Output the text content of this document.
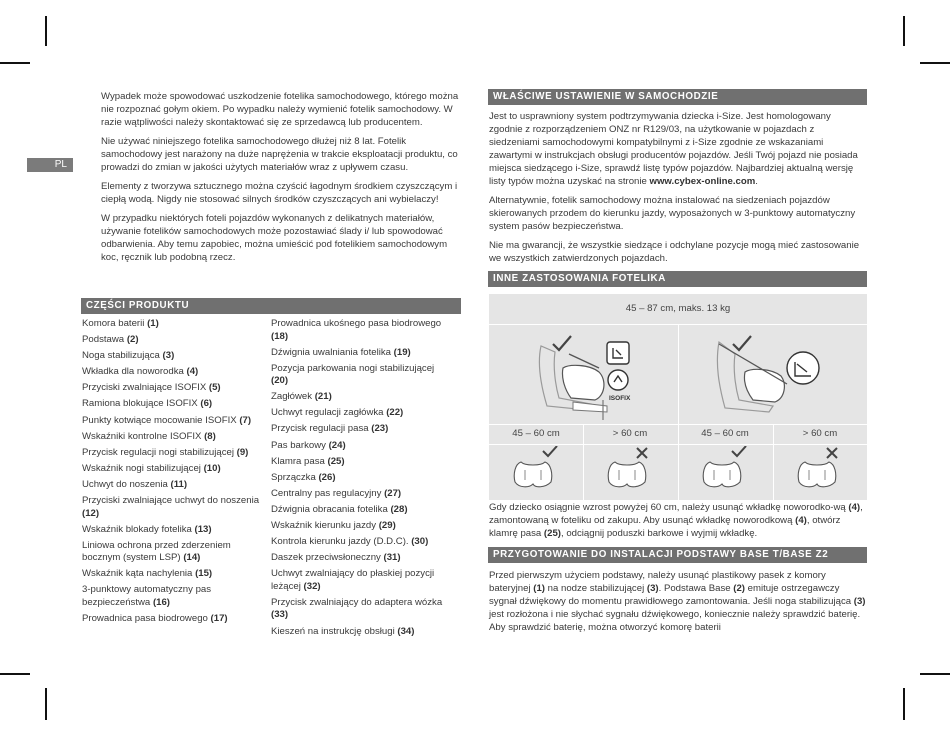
PL

Wypadek może spowodować uszkodzenie fotelika samochodowego, którego można nie rozpoznać gołym okiem. Po wypadku należy wymienić fotelik samochodowy. W razie wątpliwości należy skontaktować się ze sprzedawcą lub producentem.

Nie używać niniejszego fotelika samochodowego dłużej niż 8 lat. Fotelik samochodowy jest narażony na duże naprężenia w trakcie eksploatacji produktu, co prowadzi do zmian w jakości użytych materiałów wraz z upływem czasu.

Elementy z tworzywa sztucznego można czyścić łagodnym środkiem czyszczącym i ciepłą wodą. Nigdy nie stosować silnych środków czyszczących ani wybielaczy!

W przypadku niektórych foteli pojazdów wykonanych z delikatnych materiałów, używanie fotelików samochodowych może pozostawiać ślady i/ lub spowodować odbarwienia. Aby temu zapobiec, można umieścić pod fotelikiem samochodowym koc, ręcznik lub podobną rzecz.

CZĘŚCI PRODUKTU
Komora baterii (1)
Podstawa (2)
Noga stabilizująca (3)
Wkładka dla noworodka (4)
Przyciski zwalniające ISOFIX (5)
Ramiona blokujące ISOFIX (6)
Punkty kotwiące mocowanie ISOFIX (7)
Wskaźniki kontrolne ISOFIX (8)
Przycisk regulacji nogi stabilizującej (9)
Wskaźnik nogi stabilizującej (10)
Uchwyt do noszenia (11)
Przyciski zwalniające uchwyt do noszenia (12)
Wskaźnik blokady fotelika (13)
Liniowa ochrona przed zderzeniem bocznym (system LSP) (14)
Wskaźnik kąta nachylenia (15)
3-punktowy automatyczny pas bezpieczeństwa (16)
Prowadnica pasa biodrowego (17)
Prowadnica ukośnego pasa biodrowego (18)
Dźwignia uwalniania fotelika (19)
Pozycja parkowania nogi stabilizującej (20)
Zagłówek (21)
Uchwyt regulacji zagłówka (22)
Przycisk regulacji pasa (23)
Pas barkowy (24)
Klamra pasa (25)
Sprzączka (26)
Centralny pas regulacyjny (27)
Dźwignia obracania fotelika (28)
Wskaźnik kierunku jazdy (29)
Kontrola kierunku jazdy (D.D.C). (30)
Daszek przeciwsłoneczny (31)
Uchwyt zwalniający do płaskiej pozycji leżącej (32)
Przycisk zwalniający do adaptera wózka (33)
Kieszeń na instrukcję obsługi (34)
WŁAŚCIWE USTAWIENIE W SAMOCHODZIE

Jest to usprawniony system podtrzymywania dziecka i-Size. Jest homologowany zgodnie z rozporządzeniem ONZ nr R129/03, na użytkowanie w pojazdach z siedzeniami samochodowymi kompatybilnymi z i-Size zgodnie ze wskazaniami zawartymi w instrukcjach obsługi producentów pojazdów. Jeśli Twój pojazd nie posiada miejsca siedzącego i-Size, sprawdź listę typów pojazdów. Najbardziej aktualną wersję listy typów można uzyskać na stronie www.cybex-online.com.

Alternatywnie, fotelik samochodowy można instalować na siedzeniach pojazdów skierowanych przodem do kierunku jazdy, wyposażonych w 3-punktowy automatyczny system pasów bezpieczeństwa.

Nie ma gwarancji, że wszystkie siedzące i odchylane pozycje mogą mieć zastosowanie we wszystkich zatwierdzonych pojazdach.

INNE ZASTOSOWANIA FOTELIKA
45 – 87 cm, maks. 13 kg
ISOFIX
45 – 60 cm	> 60 cm	45 – 60 cm	> 60 cm

Gdy dziecko osiągnie wzrost powyżej 60 cm, należy usunąć wkładkę noworodko-wą (4), zamontowaną w foteliku od zakupu. Aby usunąć wkładkę noworodkową (4), otwórz klamrę pasa (25), odciągnij poduszki barkowe i wyjmij wkładkę.

PRZYGOTOWANIE DO INSTALACJI PODSTAWY BASE T/BASE Z2

Przed pierwszym użyciem podstawy, należy usunąć plastikowy pasek z komory bateryjnej (1) na nodze stabilizującej (3). Podstawa Base (2) emituje ostrzegawczy sygnał dźwiękowy do momentu prawidłowego zamontowania. Jeśli noga stabilizująca (3) jest rozłożona i nie słychać sygnału dźwiękowego, koniecznie należy sprawdzić baterię. Aby sprawdzić baterię, można otworzyć komorę baterii
